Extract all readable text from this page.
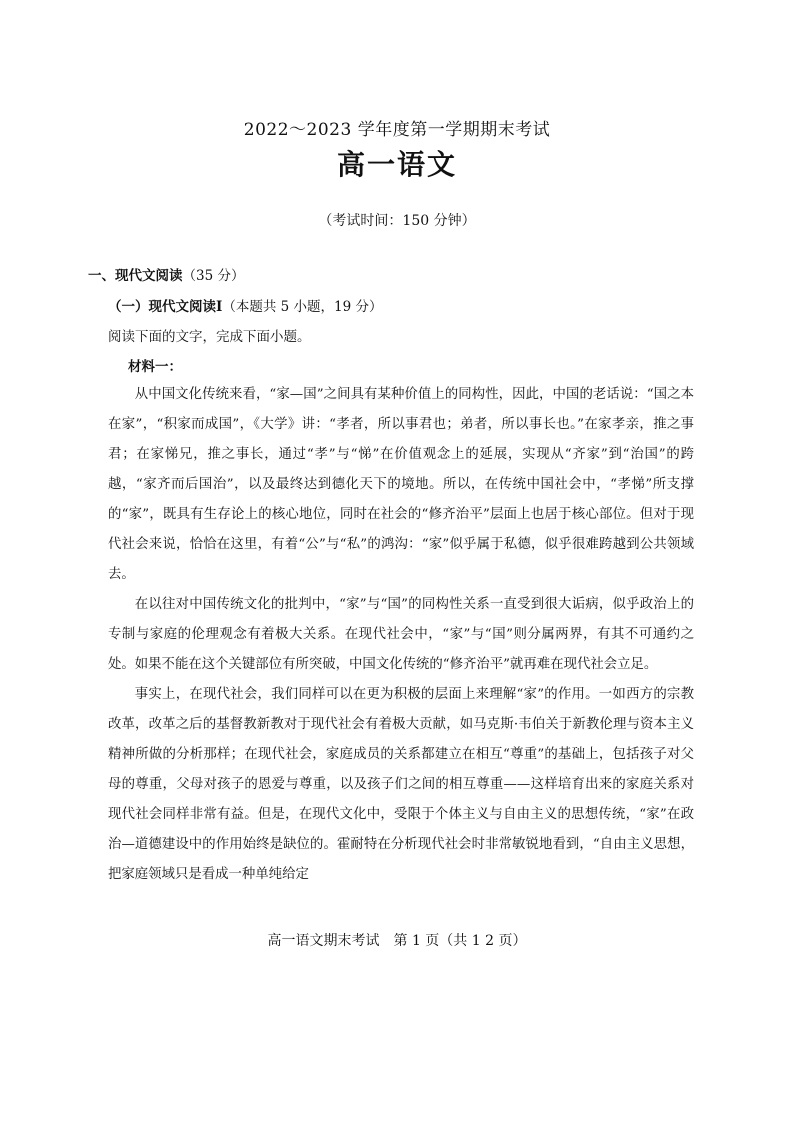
2022～2023 学年度第一学期期末考试
高一语文
（考试时间：150 分钟）
一、现代文阅读（35 分）
（一）现代文阅读Ⅰ（本题共 5 小题，19 分）
阅读下面的文字，完成下面小题。
材料一：

从中国文化传统来看，“家—国”之间具有某种价值上的同构性，因此，中国的老话说：“国之本在家”，“积家而成国”，《大学》讲：“孝者，所以事君也；弟者，所以事长也。”在家孝亲，推之事君；在家悌兄，推之事长，通过“孝”与“悌”在价值观念上的延展，实现从“齐家”到“治国”的跨越，“家齐而后国治”，以及最终达到德化天下的境地。所以，在传统中国社会中，“孝悌”所支撑的“家”，既具有生存论上的核心地位，同时在社会的“修齐治平”层面上也居于核心部位。但对于现代社会来说，恰恰在这里，有着“公”与“私”的鸿沟：“家”似乎属于私德，似乎很难跨越到公共领域去。

在以往对中国传统文化的批判中，“家”与“国”的同构性关系一直受到很大诟病，似乎政治上的专制与家庭的伦理观念有着极大关系。在现代社会中，“家”与“国”则分属两界，有其不可通约之处。如果不能在这个关键部位有所突破，中国文化传统的“修齐治平”就再难在现代社会立足。

事实上，在现代社会，我们同样可以在更为积极的层面上来理解“家”的作用。一如西方的宗教改革，改革之后的基督教新教对于现代社会有着极大贡献，如马克斯·韦伯关于新教伦理与资本主义精神所做的分析那样；在现代社会，家庭成员的关系都建立在相互“尊重”的基础上，包括孩子对父母的尊重，父母对孩子的恩爱与尊重，以及孩子们之间的相互尊重——这样培育出来的家庭关系对现代社会同样非常有益。但是，在现代文化中，受限于个体主义与自由主义的思想传统，“家”在政治—道德建设中的作用始终是缺位的。霍耐特在分析现代社会时非常敏锐地看到，“自由主义思想，把家庭领域只是看成一种单纯给定

高一语文期末考试　第 1 页（共 1 2 页）
